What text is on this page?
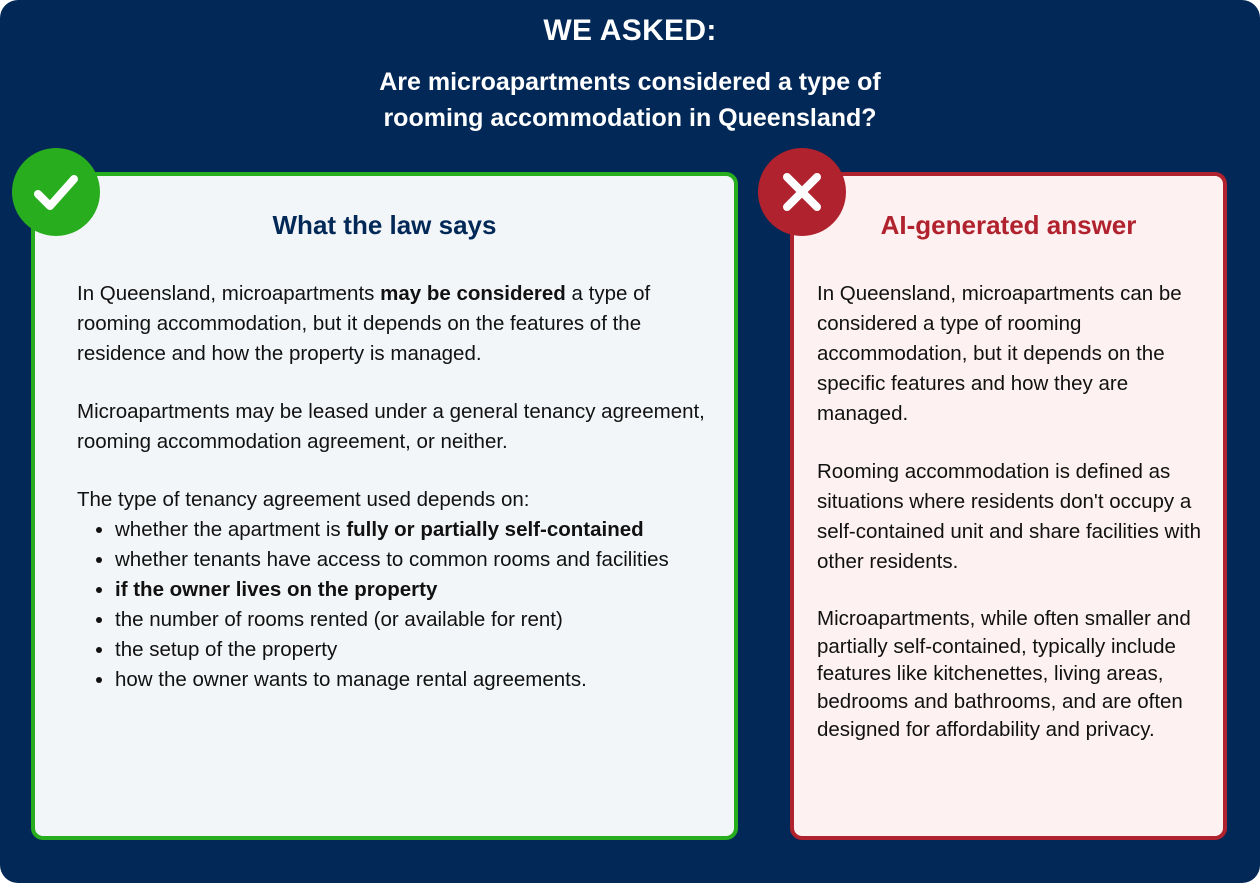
WE ASKED:
Are microapartments considered a type of rooming accommodation in Queensland?
What the law says

In Queensland, microapartments may be considered a type of rooming accommodation, but it depends on the features of the residence and how the property is managed.

Microapartments may be leased under a general tenancy agreement, rooming accommodation agreement, or neither.

The type of tenancy agreement used depends on:

• whether the apartment is fully or partially self-contained
• whether tenants have access to common rooms and facilities
• if the owner lives on the property
• the number of rooms rented (or available for rent)
• the setup of the property
• how the owner wants to manage rental agreements.
AI-generated answer

In Queensland, microapartments can be considered a type of rooming accommodation, but it depends on the specific features and how they are managed.

Rooming accommodation is defined as situations where residents don't occupy a self-contained unit and share facilities with other residents.

Microapartments, while often smaller and partially self-contained, typically include features like kitchenettes, living areas, bedrooms and bathrooms, and are often designed for affordability and privacy.
